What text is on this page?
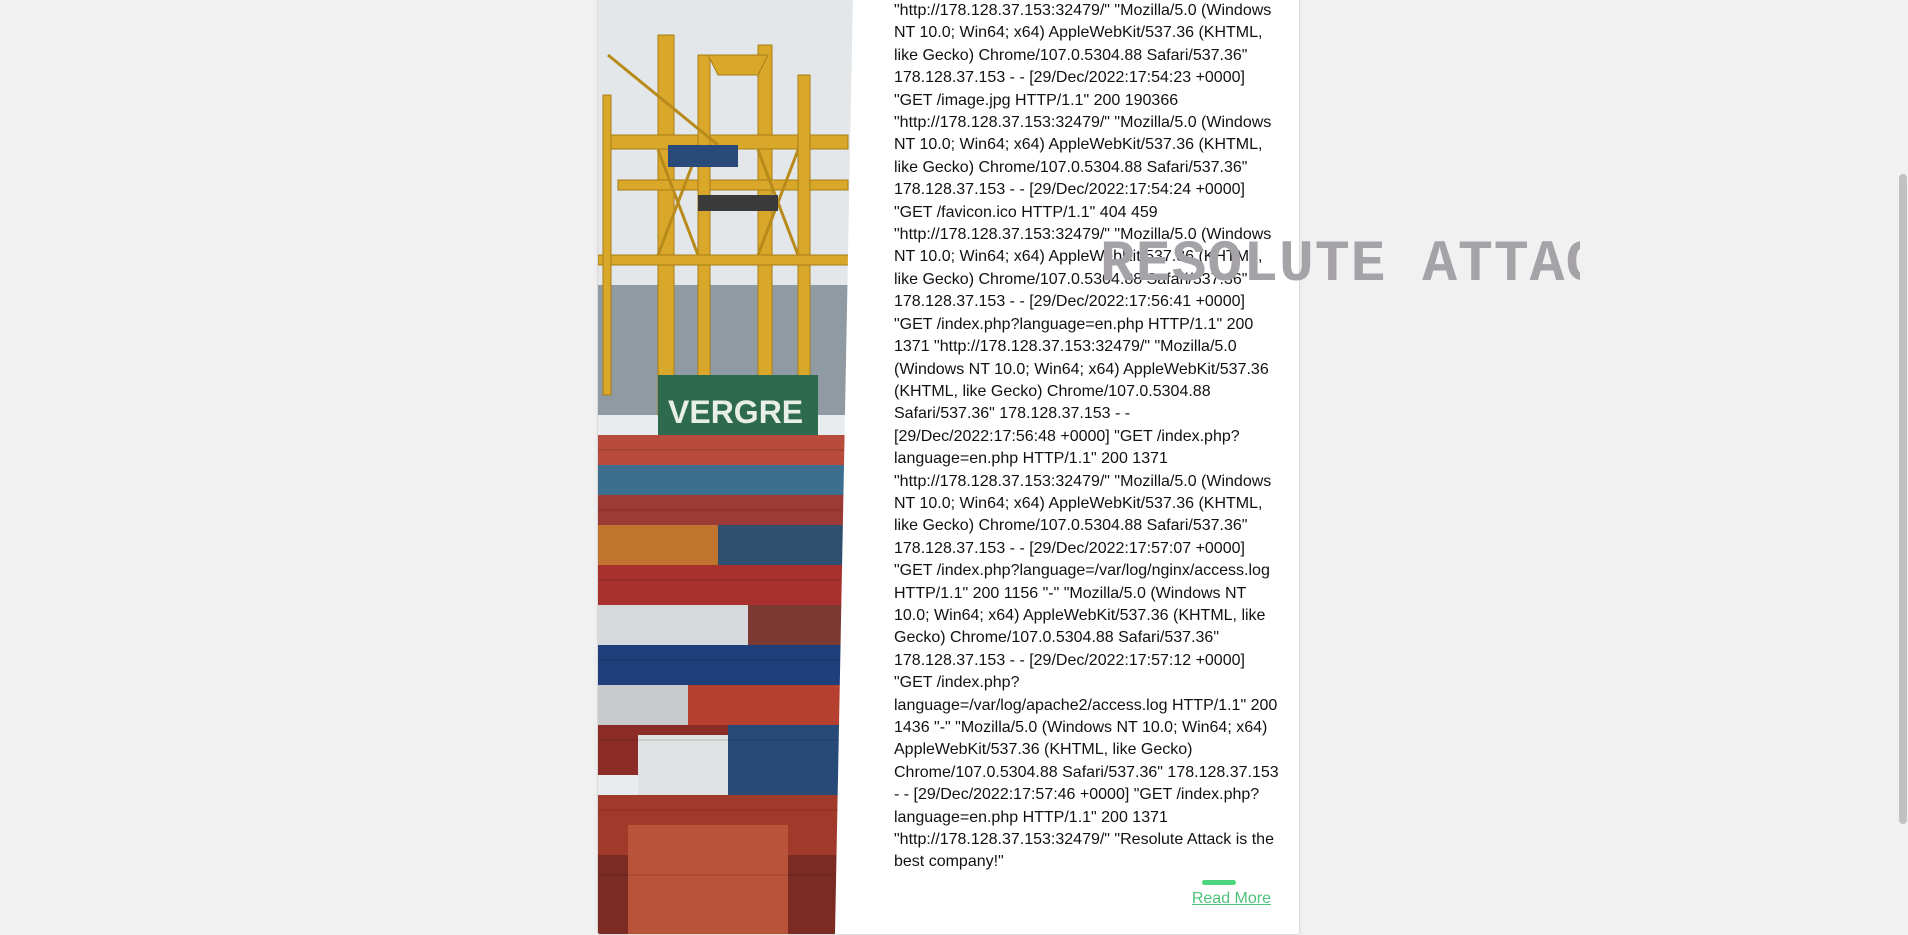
VERGRE

"http://178.128.37.153:32479/" "Mozilla/5.0 (Windows NT 10.0; Win64; x64) AppleWebKit/537.36 (KHTML, like Gecko) Chrome/107.0.5304.88 Safari/537.36" 178.128.37.153 - - [29/Dec/2022:17:54:23 +0000] "GET /image.jpg HTTP/1.1" 200 190366 "http://178.128.37.153:32479/" "Mozilla/5.0 (Windows NT 10.0; Win64; x64) AppleWebKit/537.36 (KHTML, like Gecko) Chrome/107.0.5304.88 Safari/537.36" 178.128.37.153 - - [29/Dec/2022:17:54:24 +0000] "GET /favicon.ico HTTP/1.1" 404 459 "http://178.128.37.153:32479/" "Mozilla/5.0 (Windows NT 10.0; Win64; x64) AppleWebKit/537.36 (KHTML, like Gecko) Chrome/107.0.5304.88 Safari/537.36" 178.128.37.153 - - [29/Dec/2022:17:56:41 +0000] "GET /index.php?language=en.php HTTP/1.1" 200 1371 "http://178.128.37.153:32479/" "Mozilla/5.0 (Windows NT 10.0; Win64; x64) AppleWebKit/537.36 (KHTML, like Gecko) Chrome/107.0.5304.88 Safari/537.36" 178.128.37.153 - - [29/Dec/2022:17:56:48 +0000] "GET /index.php?language=en.php HTTP/1.1" 200 1371 "http://178.128.37.153:32479/" "Mozilla/5.0 (Windows NT 10.0; Win64; x64) AppleWebKit/537.36 (KHTML, like Gecko) Chrome/107.0.5304.88 Safari/537.36" 178.128.37.153 - - [29/Dec/2022:17:57:07 +0000] "GET /index.php?language=/var/log/nginx/access.log HTTP/1.1" 200 1156 "-" "Mozilla/5.0 (Windows NT 10.0; Win64; x64) AppleWebKit/537.36 (KHTML, like Gecko) Chrome/107.0.5304.88 Safari/537.36" 178.128.37.153 - - [29/Dec/2022:17:57:12 +0000] "GET /index.php?language=/var/log/apache2/access.log HTTP/1.1" 200 1436 "-" "Mozilla/5.0 (Windows NT 10.0; Win64; x64) AppleWebKit/537.36 (KHTML, like Gecko) Chrome/107.0.5304.88 Safari/537.36" 178.128.37.153 - - [29/Dec/2022:17:57:46 +0000] "GET /index.php?language=en.php HTTP/1.1" 200 1371 "http://178.128.37.153:32479/" "Resolute Attack is the best company!"

Read More
RESOLUTE ATTA
